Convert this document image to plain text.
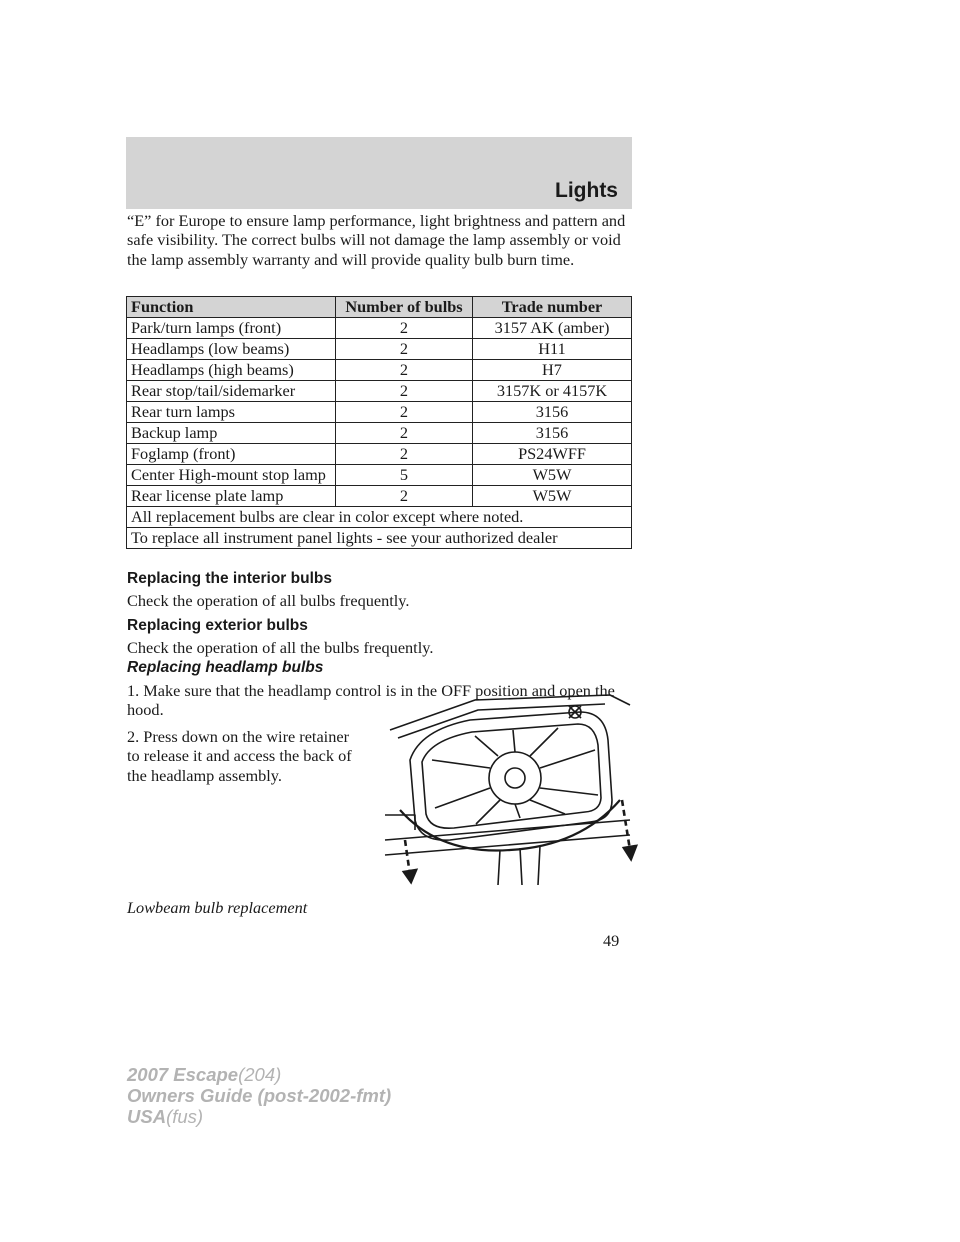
Lights

“E” for Europe to ensure lamp performance, light brightness and pattern and safe visibility. The correct bulbs will not damage the lamp assembly or void the lamp assembly warranty and will provide quality bulb burn time.

Function	Number of bulbs	Trade number
Park/turn lamps (front)	2	3157 AK (amber)
Headlamps (low beams)	2	H11
Headlamps (high beams)	2	H7
Rear stop/tail/sidemarker	2	3157K or 4157K
Rear turn lamps	2	3156
Backup lamp	2	3156
Foglamp (front)	2	PS24WFF
Center High-mount stop lamp	5	W5W
Rear license plate lamp	2	W5W
All replacement bulbs are clear in color except where noted.		
To replace all instrument panel lights - see your authorized dealer		
Replacing the interior bulbs

Check the operation of all bulbs frequently.

Replacing exterior bulbs

Check the operation of all the bulbs frequently.

Replacing headlamp bulbs

1. Make sure that the headlamp control is in the OFF position and open the hood.

2. Press down on the wire retainer to release it and access the back of the headlamp assembly.

Lowbeam bulb replacement
49
2007 Escape(204)
Owners Guide (post-2002-fmt)
USA(fus)
